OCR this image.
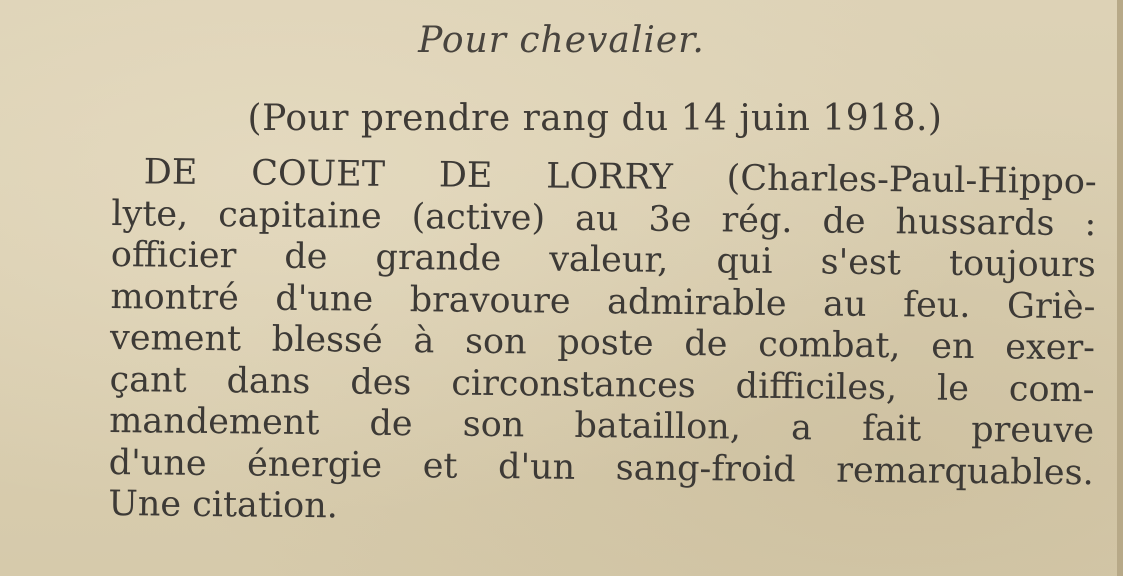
Pour chevalier.
(Pour prendre rang du 14 juin 1918.)
DE COUET DE LORRY (Charles-Paul-Hippo-
lyte, capitaine (active) au 3e rég. de hussards :
officier de grande valeur, qui s'est toujours
montré d'une bravoure admirable au feu. Griè-
vement blessé à son poste de combat, en exer-
çant dans des circonstances difficiles, le com-
mandement de son bataillon, a fait preuve
d'une énergie et d'un sang-froid remarquables.
Une citation.
